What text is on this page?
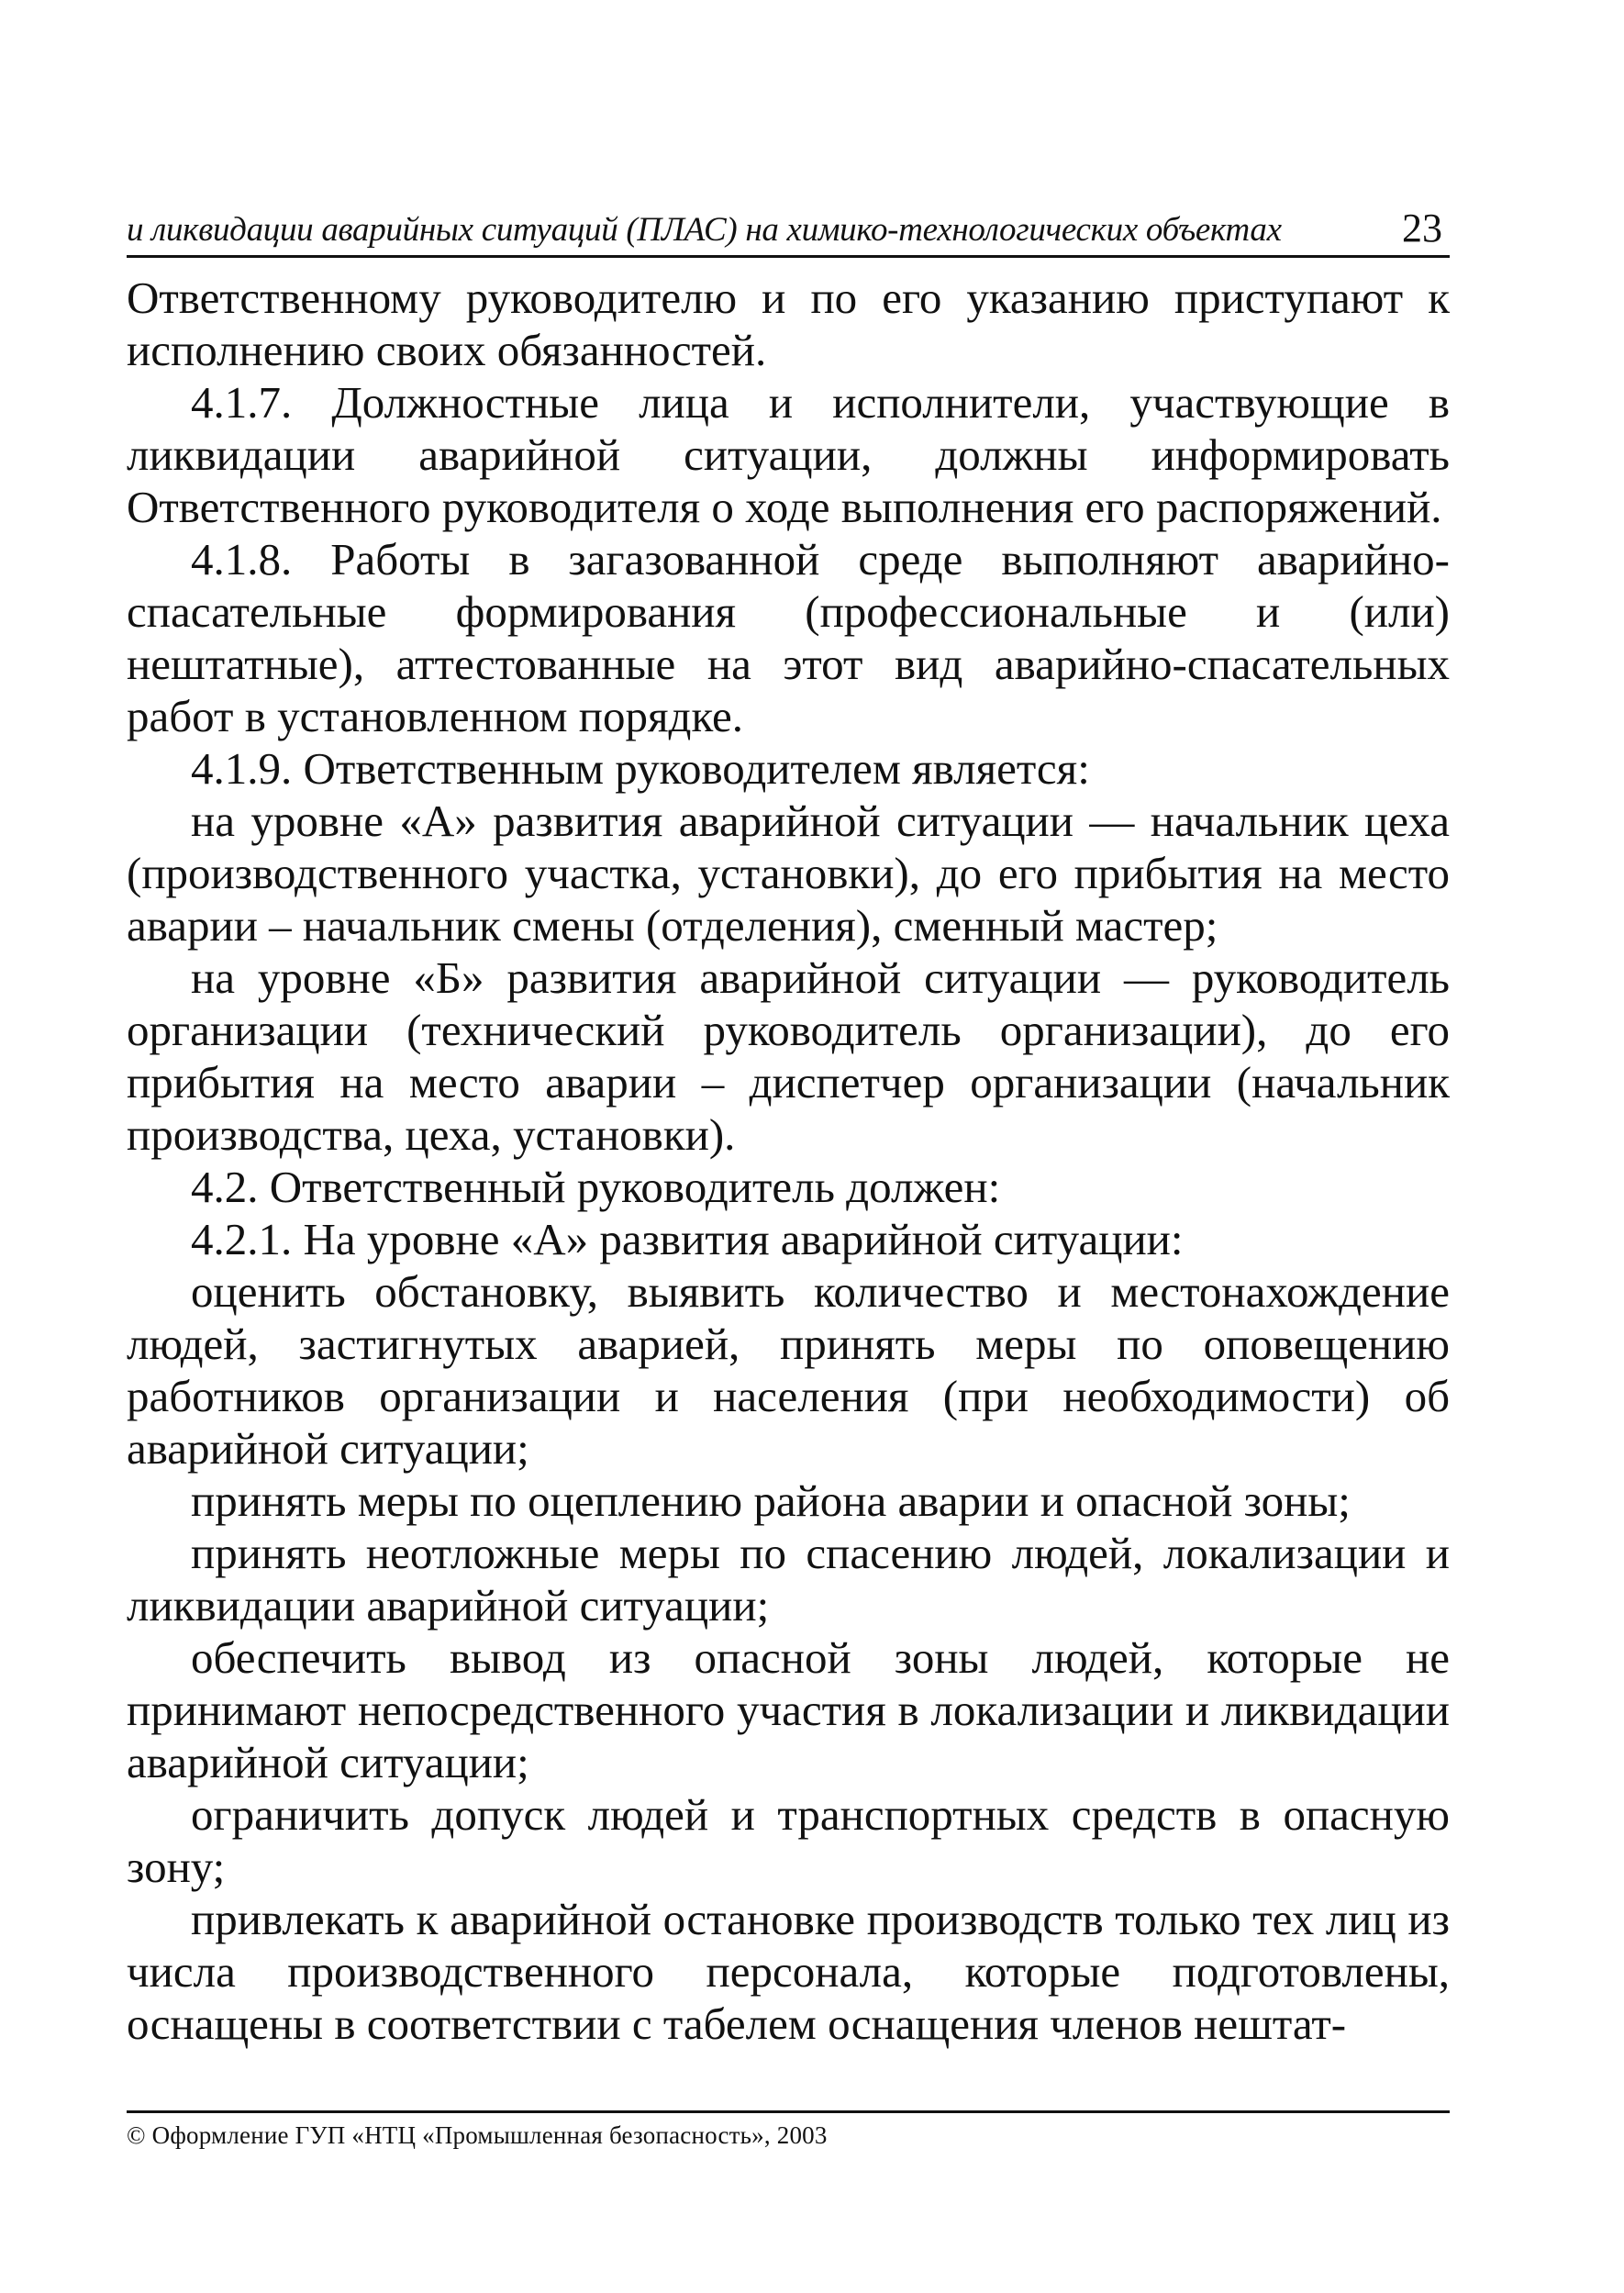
и ликвидации аварийных ситуаций (ПЛАС) на химико-технологических объектах	23

Ответственному руководителю и по его указанию приступают к исполнению своих обязанностей.

4.1.7. Должностные лица и исполнители, участвующие в ликвидации аварийной ситуации, должны информировать Ответственного руководителя о ходе выполнения его распоряжений.

4.1.8. Работы в загазованной среде выполняют аварийно-спасательные формирования (профессиональные и (или) нештатные), аттестованные на этот вид аварийно-спасательных работ в установленном порядке.

4.1.9. Ответственным руководителем является:

на уровне «А» развития аварийной ситуации — начальник цеха (производственного участка, установки), до его прибытия на место аварии – начальник смены (отделения), сменный мастер;

на уровне «Б» развития аварийной ситуации — руководитель организации (технический руководитель организации), до его прибытия на место аварии – диспетчер организации (начальник производства, цеха, установки).

4.2. Ответственный руководитель должен:

4.2.1. На уровне «А» развития аварийной ситуации:

оценить обстановку, выявить количество и местонахождение людей, застигнутых аварией, принять меры по оповещению работников организации и населения (при необходимости) об аварийной ситуации;

принять меры по оцеплению района аварии и опасной зоны;

принять неотложные меры по спасению людей, локализации и ликвидации аварийной ситуации;

обеспечить вывод из опасной зоны людей, которые не принимают непосредственного участия в локализации и ликвидации аварийной ситуации;

ограничить допуск людей и транспортных средств в опасную зону;

привлекать к аварийной остановке производств только тех лиц из числа производственного персонала, которые подготовлены, оснащены в соответствии с табелем оснащения членов нештат-

© Оформление ГУП «НТЦ «Промышленная безопасность», 2003
